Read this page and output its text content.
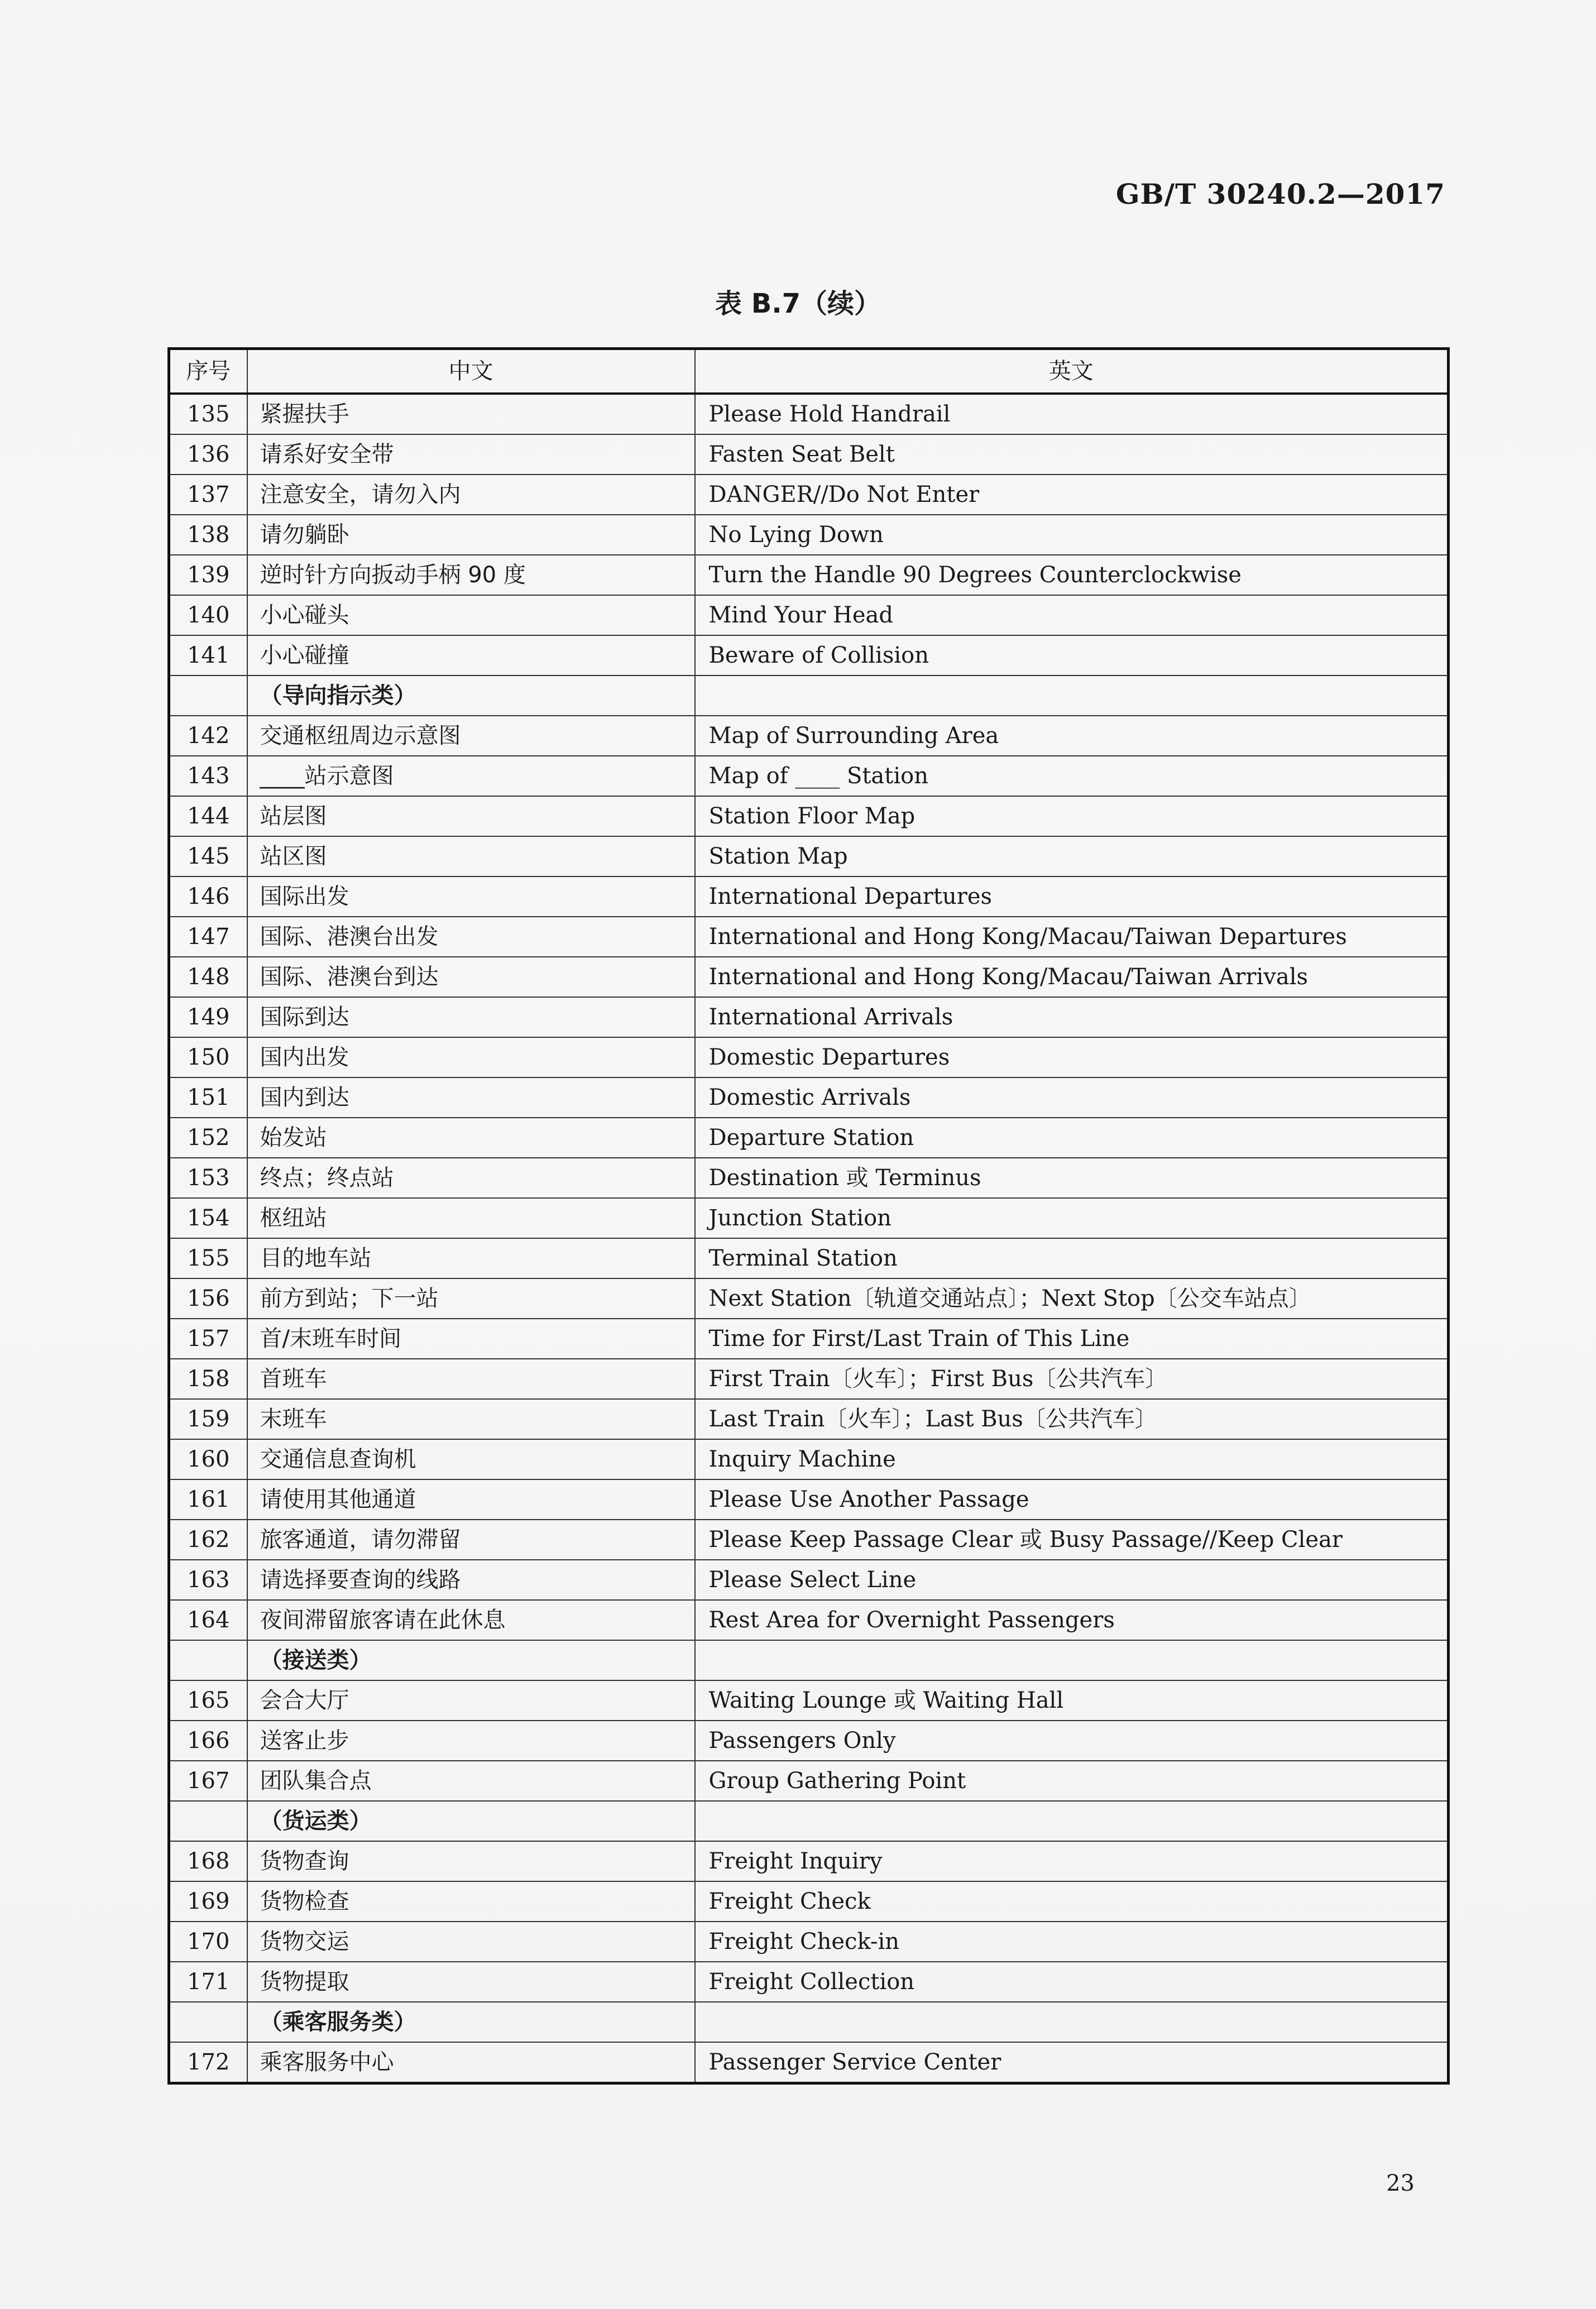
GB/T 30240.2—2017
表 B.7（续）
序号	中文	英文
135	紧握扶手	Please Hold Handrail
136	请系好安全带	Fasten Seat Belt
137	注意安全，请勿入内	DANGER//Do Not Enter
138	请勿躺卧	No Lying Down
139	逆时针方向扳动手柄 90 度	Turn the Handle 90 Degrees Counterclockwise
140	小心碰头	Mind Your Head
141	小心碰撞	Beware of Collision
	（导向指示类）	
142	交通枢纽周边示意图	Map of Surrounding Area
143	____站示意图	Map of ____ Station
144	站层图	Station Floor Map
145	站区图	Station Map
146	国际出发	International Departures
147	国际、港澳台出发	International and Hong Kong/Macau/Taiwan Departures
148	国际、港澳台到达	International and Hong Kong/Macau/Taiwan Arrivals
149	国际到达	International Arrivals
150	国内出发	Domestic Departures
151	国内到达	Domestic Arrivals
152	始发站	Departure Station
153	终点；终点站	Destination 或 Terminus
154	枢纽站	Junction Station
155	目的地车站	Terminal Station
156	前方到站；下一站	Next Station〔轨道交通站点〕；Next Stop〔公交车站点〕
157	首/末班车时间	Time for First/Last Train of This Line
158	首班车	First Train〔火车〕；First Bus〔公共汽车〕
159	末班车	Last Train〔火车〕；Last Bus〔公共汽车〕
160	交通信息查询机	Inquiry Machine
161	请使用其他通道	Please Use Another Passage
162	旅客通道，请勿滞留	Please Keep Passage Clear 或 Busy Passage//Keep Clear
163	请选择要查询的线路	Please Select Line
164	夜间滞留旅客请在此休息	Rest Area for Overnight Passengers
	（接送类）	
165	会合大厅	Waiting Lounge 或 Waiting Hall
166	送客止步	Passengers Only
167	团队集合点	Group Gathering Point
	（货运类）	
168	货物查询	Freight Inquiry
169	货物检查	Freight Check
170	货物交运	Freight Check-in
171	货物提取	Freight Collection
	（乘客服务类）	
172	乘客服务中心	Passenger Service Center
23
